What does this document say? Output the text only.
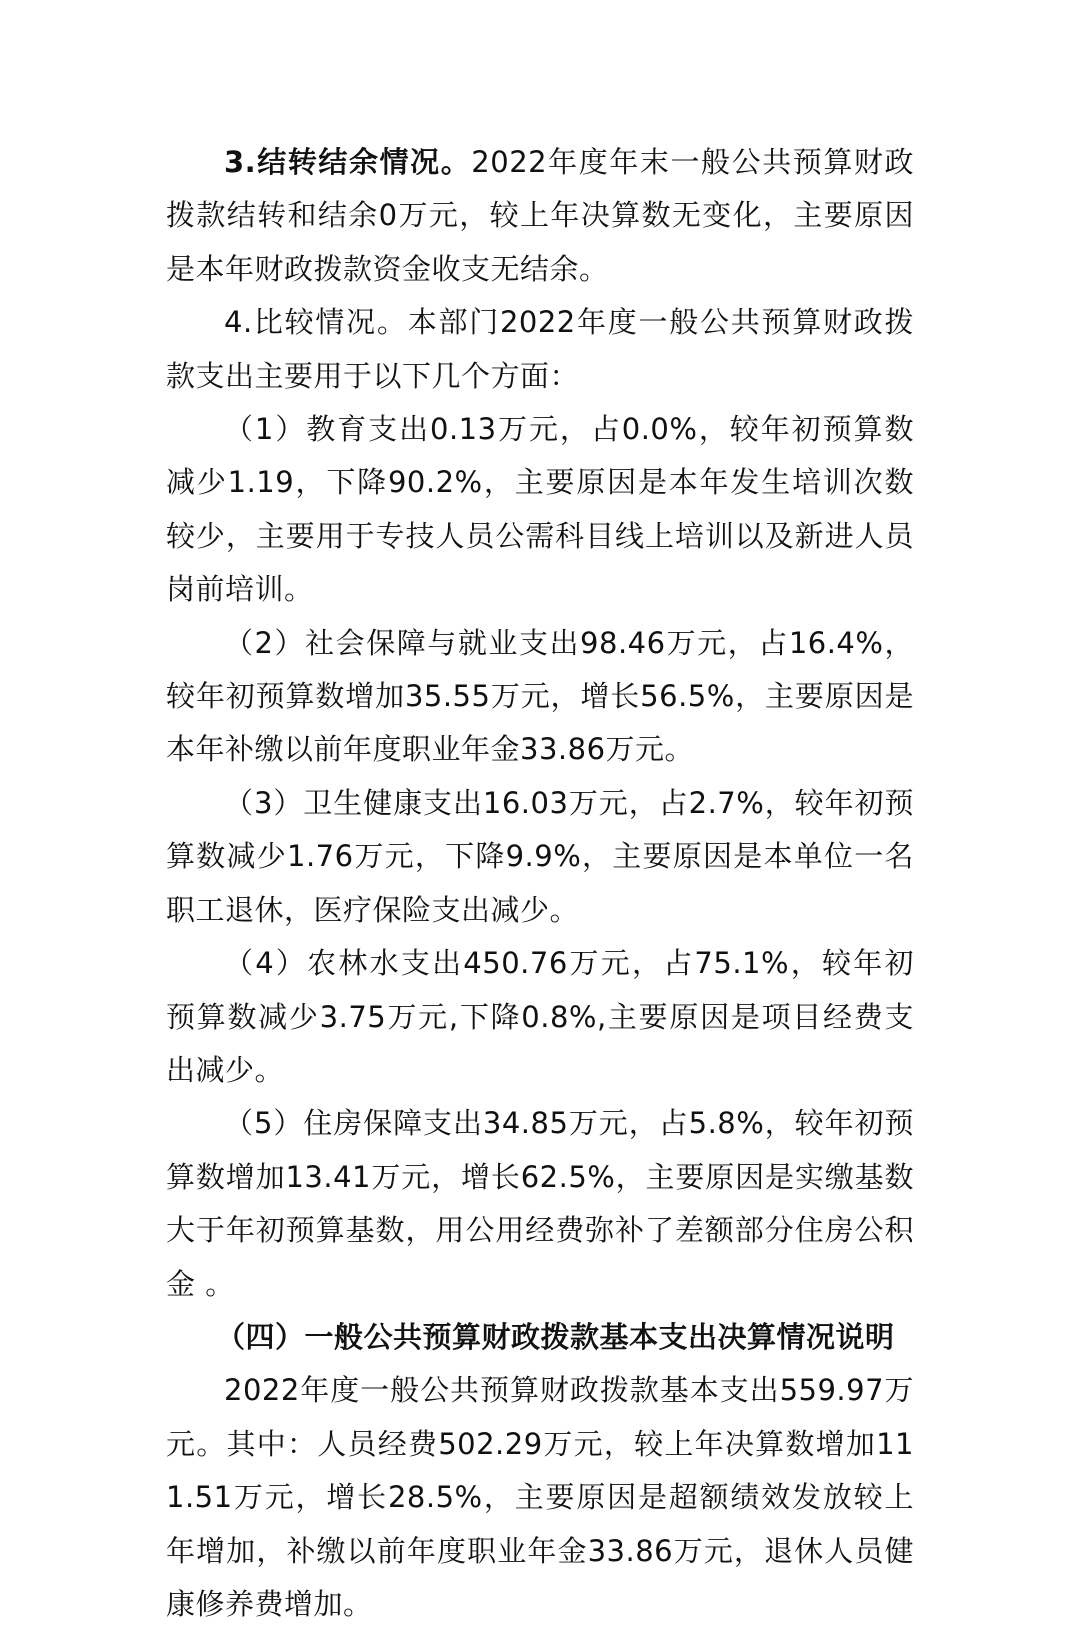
3.结转结余情况。2022年度年末一般公共预算财政拨款结转和结余0万元，较上年决算数无变化，主要原因是本年财政拨款资金收支无结余。

4.比较情况。本部门2022年度一般公共预算财政拨款支出主要用于以下几个方面：

（1）教育支出0.13万元，占0.0%，较年初预算数减少1.19，下降90.2%，主要原因是本年发生培训次数较少，主要用于专技人员公需科目线上培训以及新进人员岗前培训。

（2）社会保障与就业支出98.46万元，占16.4%，较年初预算数增加35.55万元，增长56.5%，主要原因是本年补缴以前年度职业年金33.86万元。

（3）卫生健康支出16.03万元，占2.7%，较年初预算数减少1.76万元，下降9.9%，主要原因是本单位一名职工退休，医疗保险支出减少。

（4）农林水支出450.76万元，占75.1%，较年初预算数减少3.75万元,下降0.8%,主要原因是项目经费支出减少。

（5）住房保障支出34.85万元，占5.8%，较年初预算数增加13.41万元，增长62.5%，主要原因是实缴基数大于年初预算基数，用公用经费弥补了差额部分住房公积金 。

（四）一般公共预算财政拨款基本支出决算情况说明

2022年度一般公共预算财政拨款基本支出559.97万元。其中：人员经费502.29万元，较上年决算数增加111.51万元，增长28.5%，主要原因是超额绩效发放较上年增加，补缴以前年度职业年金33.86万元，退休人员健康修养费增加。
